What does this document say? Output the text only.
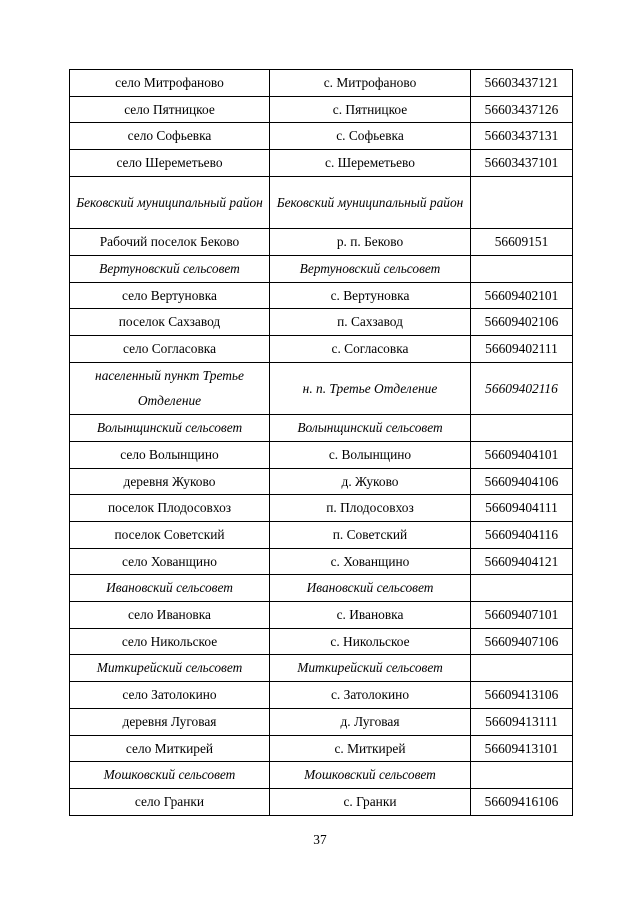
село Митрофаново	с. Митрофаново	56603437121
село Пятницкое	с. Пятницкое	56603437126
село Софьевка	с. Софьевка	56603437131
село Шереметьево	с. Шереметьево	56603437101
Бековский муниципальный район	Бековский муниципальный район	
Рабочий поселок Беково	р. п. Беково	56609151
Вертуновский сельсовет	Вертуновский сельсовет	
село Вертуновка	с. Вертуновка	56609402101
поселок Сахзавод	п. Сахзавод	56609402106
село Согласовка	с. Согласовка	56609402111
населенный пункт Третье Отделение	н. п. Третье Отделение	56609402116
Волынщинский сельсовет	Волынщинский сельсовет	
село Волынщино	с. Волынщино	56609404101
деревня Жуково	д. Жуково	56609404106
поселок Плодосовхоз	п. Плодосовхоз	56609404111
поселок Советский	п. Советский	56609404116
село Хованщино	с. Хованщино	56609404121
Ивановский сельсовет	Ивановский сельсовет	
село Ивановка	с. Ивановка	56609407101
село Никольское	с. Никольское	56609407106
Миткирейский сельсовет	Миткирейский сельсовет	
село Затолокино	с. Затолокино	56609413106
деревня Луговая	д. Луговая	56609413111
село Миткирей	с. Миткирей	56609413101
Мошковский сельсовет	Мошковский сельсовет	
село Гранки	с. Гранки	56609416106
37
